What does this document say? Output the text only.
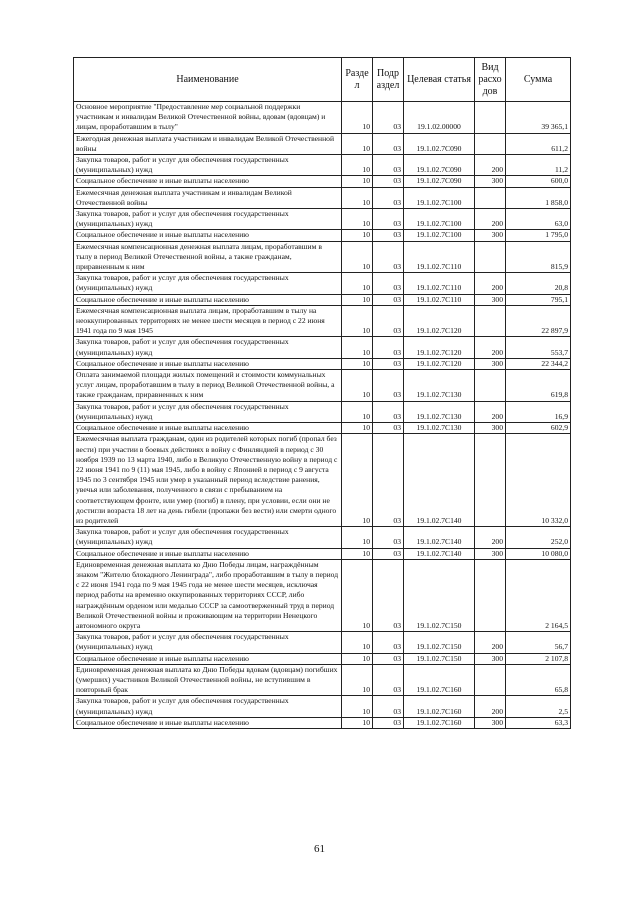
Наименование	Разде л	Подр аздел	Целевая статья	Вид расхо дов	Сумма
Основное мероприятие "Предоставление мер социальной поддержки участникам и инвалидам Великой Отечественной войны, вдовам (вдовцам) и лицам, проработавшим в тылу"	10	03	19.1.02.00000		39 365,1
Ежегодная денежная выплата участникам и инвалидам Великой Отечественной войны	10	03	19.1.02.7С090		611,2
Закупка товаров, работ и услуг для обеспечения государственных (муниципальных) нужд	10	03	19.1.02.7С090	200	11,2
Социальное обеспечение и иные выплаты населению	10	03	19.1.02.7С090	300	600,0
Ежемесячная денежная выплата участникам и инвалидам Великой Отечественной войны	10	03	19.1.02.7С100		1 858,0
Закупка товаров, работ и услуг для обеспечения государственных (муниципальных) нужд	10	03	19.1.02.7С100	200	63,0
Социальное обеспечение и иные выплаты населению	10	03	19.1.02.7С100	300	1 795,0
Ежемесячная компенсационная денежная выплата лицам, проработавшим в тылу в период Великой Отечественной войны, а также гражданам, приравненным к ним	10	03	19.1.02.7С110		815,9
Закупка товаров, работ и услуг для обеспечения государственных (муниципальных) нужд	10	03	19.1.02.7С110	200	20,8
Социальное обеспечение и иные выплаты населению	10	03	19.1.02.7С110	300	795,1
Ежемесячная компенсационная выплата лицам, проработавшим в тылу на неоккупированных территориях не менее шести месяцев в период с 22 июня 1941 года по 9 мая 1945	10	03	19.1.02.7С120		22 897,9
Закупка товаров, работ и услуг для обеспечения государственных (муниципальных) нужд	10	03	19.1.02.7С120	200	553,7
Социальное обеспечение и иные выплаты населению	10	03	19.1.02.7С120	300	22 344,2
Оплата занимаемой площади жилых помещений и стоимости коммунальных услуг лицам, проработавшим в тылу в период Великой Отечественной войны, а также гражданам, приравненных к ним	10	03	19.1.02.7С130		619,8
Закупка товаров, работ и услуг для обеспечения государственных (муниципальных) нужд	10	03	19.1.02.7С130	200	16,9
Социальное обеспечение и иные выплаты населению	10	03	19.1.02.7С130	300	602,9
Ежемесячная выплата гражданам, один из родителей которых погиб (пропал без вести) при участии в боевых действиях в войну с Финляндией в период с 30 ноября 1939 по 13 марта 1940, либо в Великую Отечественную войну в период с 22 июня 1941 по 9 (11) мая 1945, либо в войну с Японией в период с 9 августа 1945 по 3 сентября 1945 или умер в указанный период вследствие ранения, увечья или заболевания, полученного в связи с пребыванием на соответствующем фронте, или умер (погиб) в плену, при условии, если они не достигли возраста 18 лет на день гибели (пропажи без вести) или смерти одного из родителей	10	03	19.1.02.7С140		10 332,0
Закупка товаров, работ и услуг для обеспечения государственных (муниципальных) нужд	10	03	19.1.02.7С140	200	252,0
Социальное обеспечение и иные выплаты населению	10	03	19.1.02.7С140	300	10 080,0
Единовременная денежная выплата ко Дню Победы лицам, награждённым знаком "Жителю блокадного Ленинграда", либо проработавшим в тылу в период с 22 июня 1941 года по 9 мая 1945 года не менее шести месяцев, исключая период работы на временно оккупированных территориях СССР, либо награждённым орденом или медалью СССР за самоотверженный труд в период Великой Отечественной войны и проживающим на территории Ненецкого автономного округа	10	03	19.1.02.7С150		2 164,5
Закупка товаров, работ и услуг для обеспечения государственных (муниципальных) нужд	10	03	19.1.02.7С150	200	56,7
Социальное обеспечение и иные выплаты населению	10	03	19.1.02.7С150	300	2 107,8
Единовременная денежная выплата ко Дню Победы вдовам (вдовцам) погибших (умерших) участников Великой Отечественной войны, не вступившим в повторный брак	10	03	19.1.02.7С160		65,8
Закупка товаров, работ и услуг для обеспечения государственных (муниципальных) нужд	10	03	19.1.02.7С160	200	2,5
Социальное обеспечение и иные выплаты населению	10	03	19.1.02.7С160	300	63,3
61
